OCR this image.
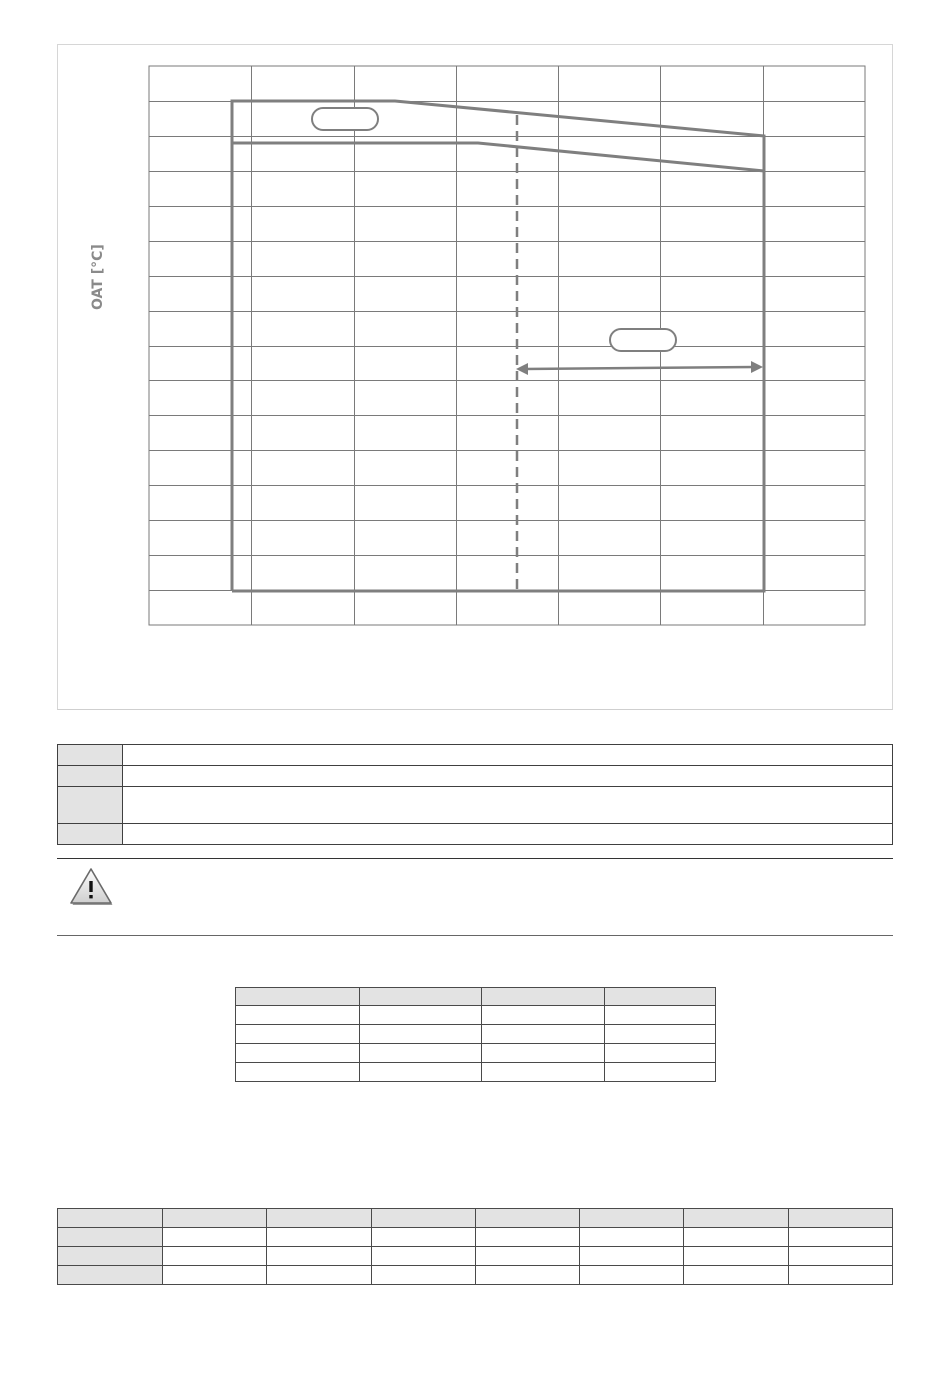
OAT [°C]
